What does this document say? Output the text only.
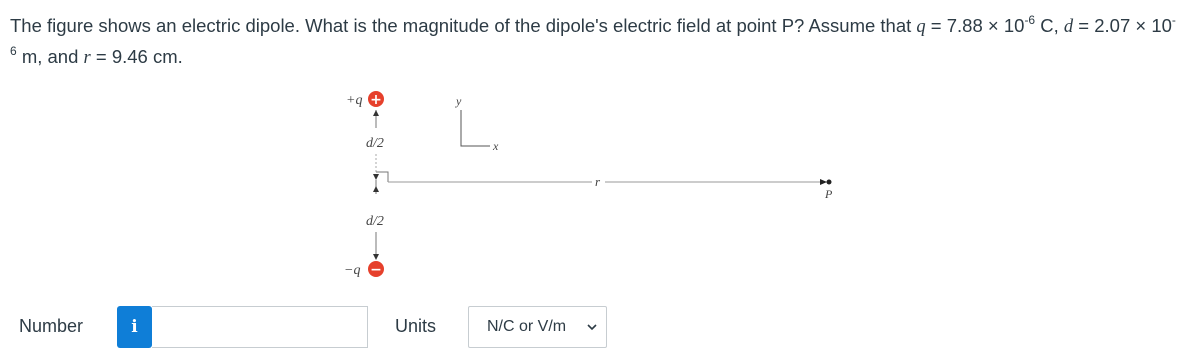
The figure shows an electric dipole. What is the magnitude of the dipole's electric field at point P? Assume that $q = 7.88 \times 10^{-6}$ C, $d = 2.07 \times 10^{-6}$ m, and r = 9.46 cm.
+q +
d/2
d/2
−q −
r
P
y
x
Number	i	Units	N/C or V/m
